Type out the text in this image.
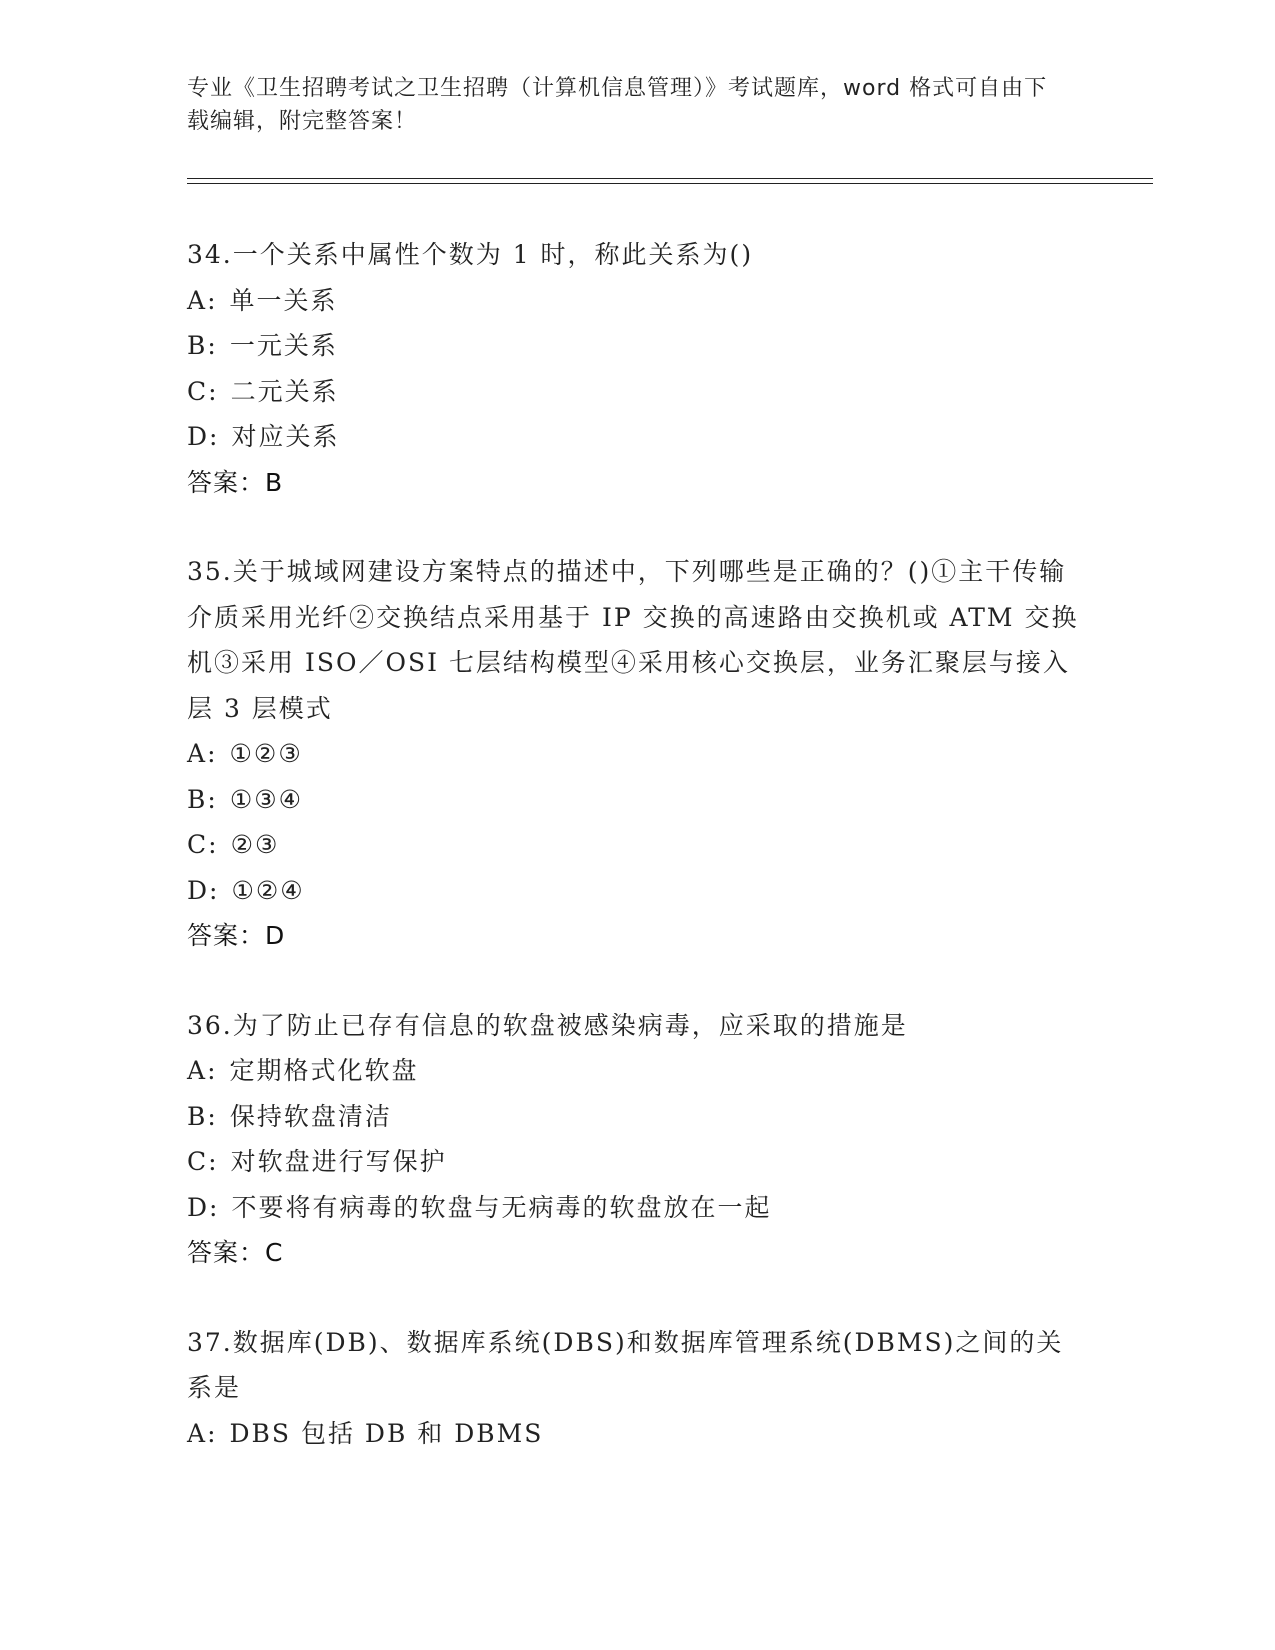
专业《卫生招聘考试之卫生招聘（计算机信息管理）》考试题库，word 格式可自由下载编辑，附完整答案！
34.一个关系中属性个数为 1 时，称此关系为()
A: 单一关系
B: 一元关系
C: 二元关系
D: 对应关系
答案：B
35.关于城域网建设方案特点的描述中，下列哪些是正确的？()①主干传输介质采用光纤②交换结点采用基于 IP 交换的高速路由交换机或 ATM 交换机③采用 ISO／OSI 七层结构模型④采用核心交换层，业务汇聚层与接入层 3 层模式
A: ①②③
B: ①③④
C: ②③
D: ①②④
答案：D
36.为了防止已存有信息的软盘被感染病毒，应采取的措施是
A: 定期格式化软盘
B: 保持软盘清洁
C: 对软盘进行写保护
D: 不要将有病毒的软盘与无病毒的软盘放在一起
答案：C
37.数据库(DB)、数据库系统(DBS)和数据库管理系统(DBMS)之间的关系是
A: DBS 包括 DB 和 DBMS
